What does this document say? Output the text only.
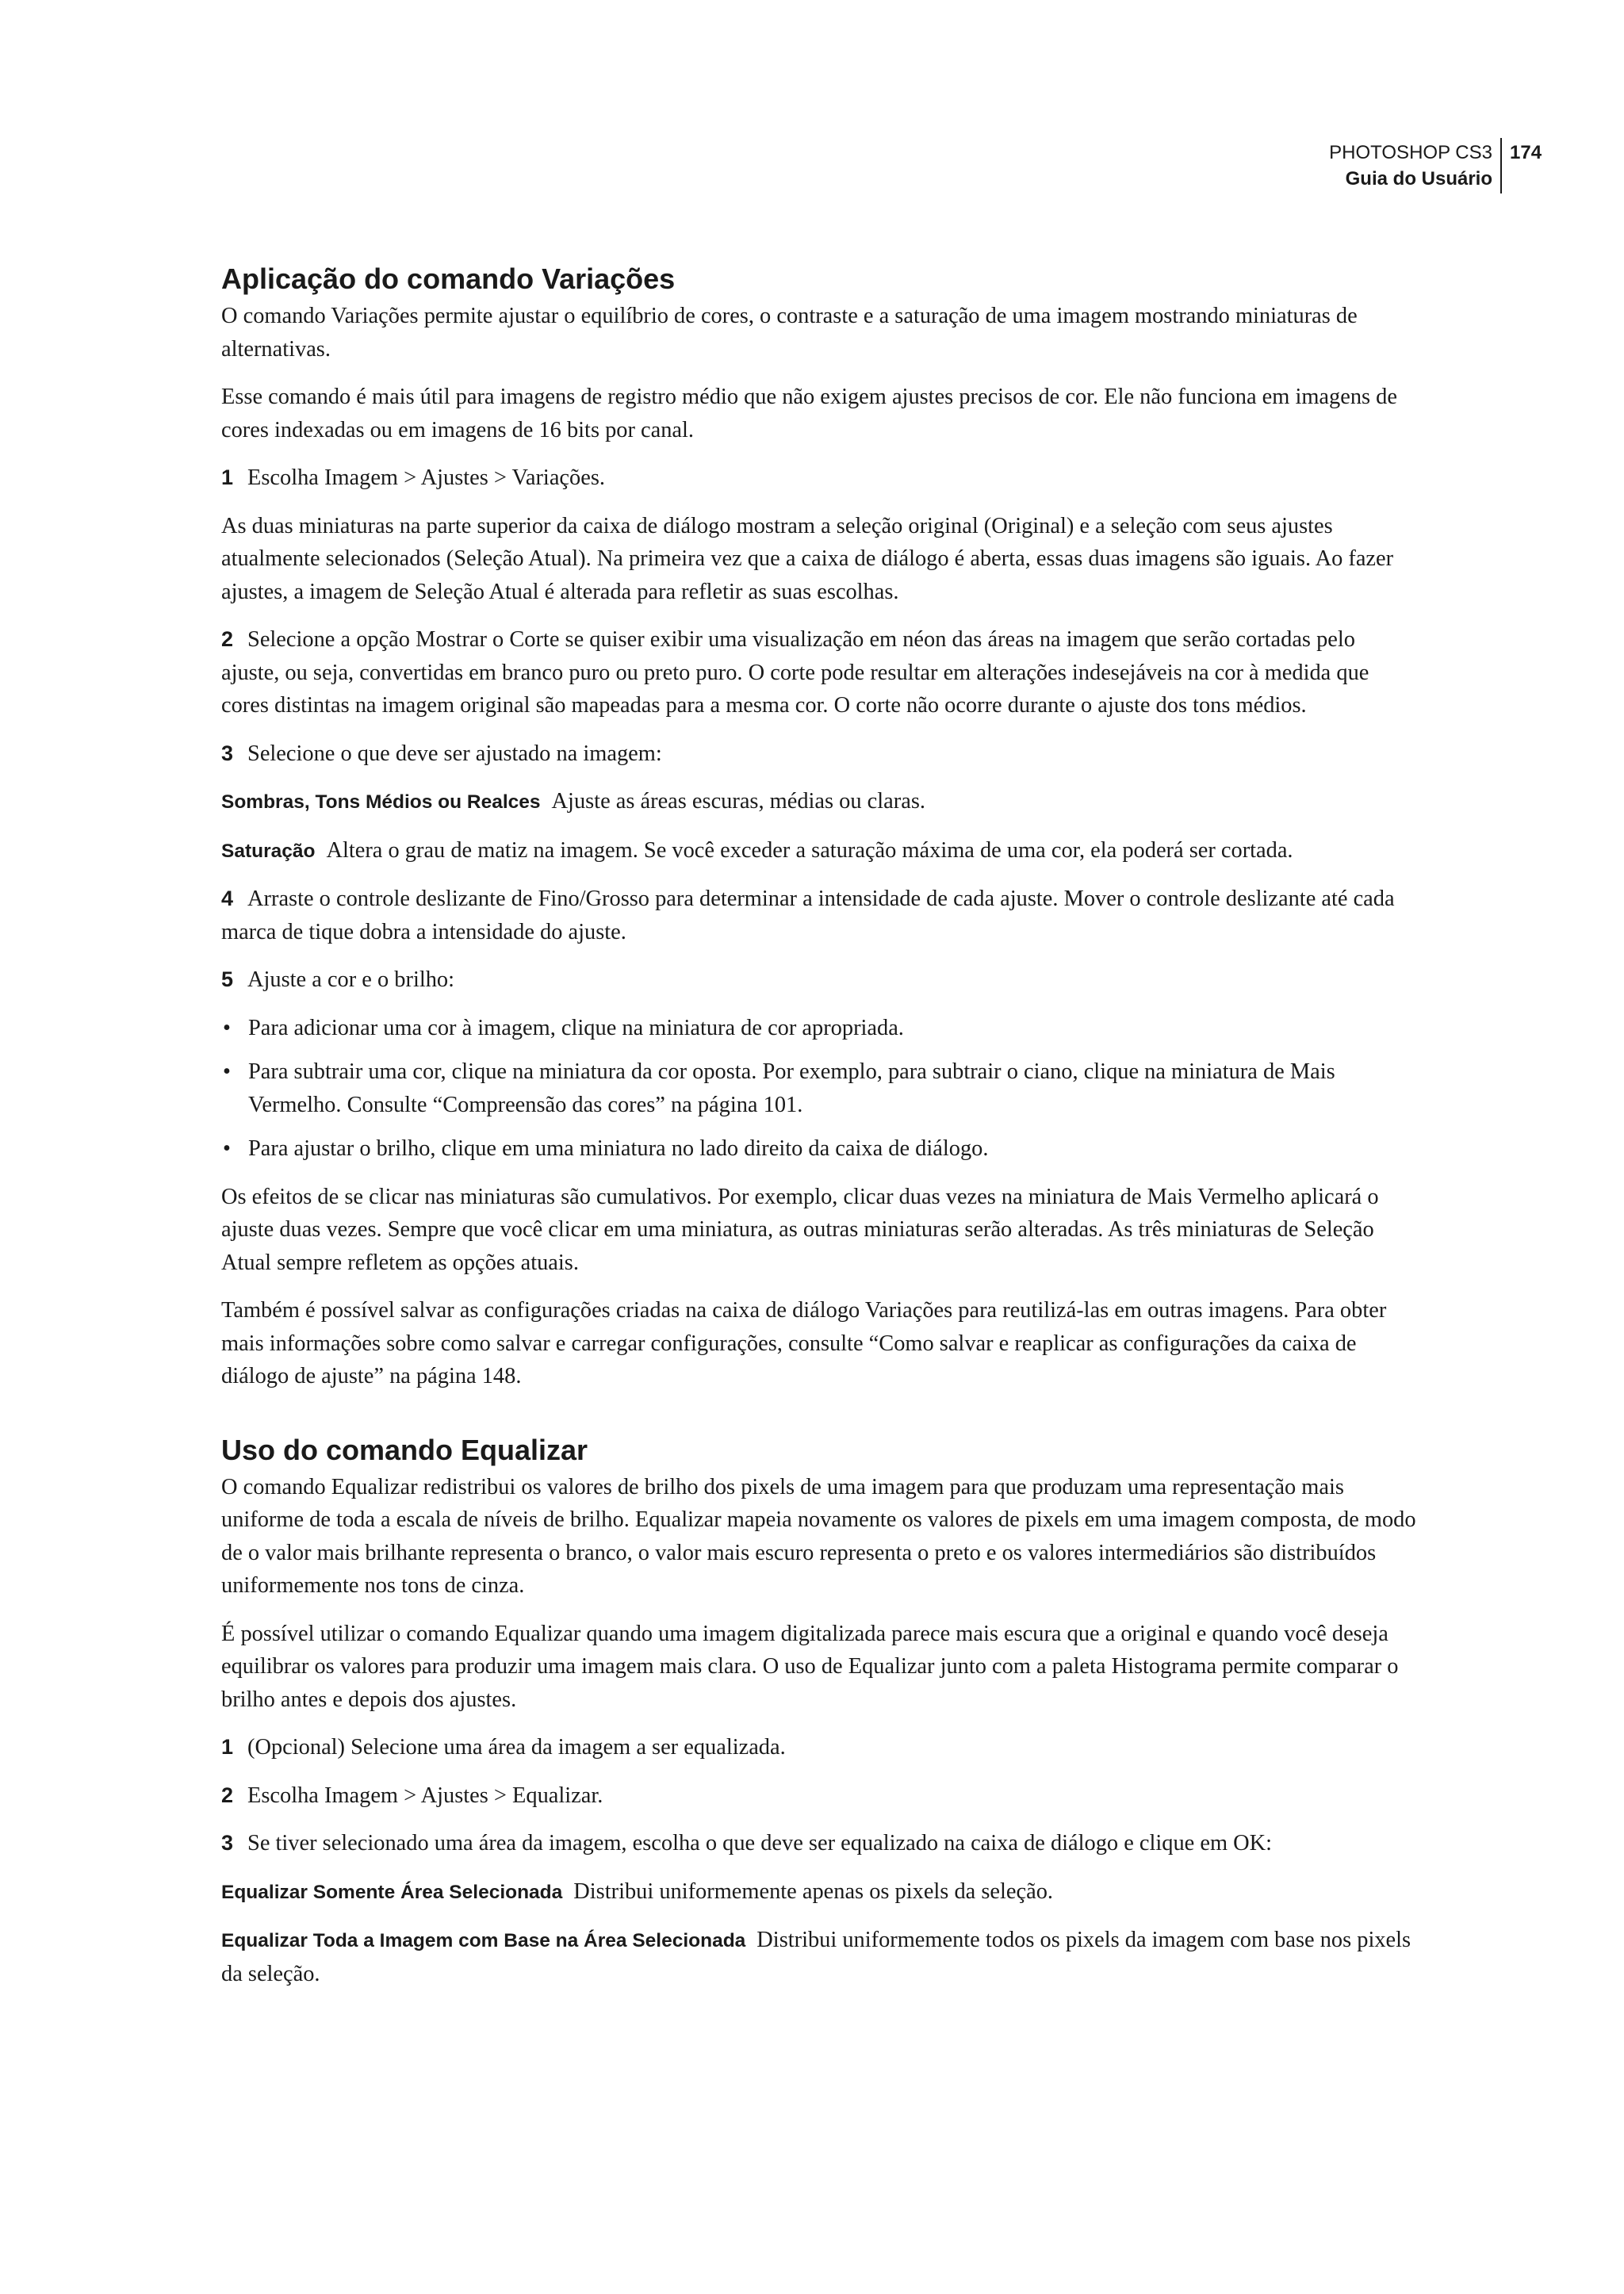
PHOTOSHOP CS3
Guia do Usuário
174
Aplicação do comando Variações

O comando Variações permite ajustar o equilíbrio de cores, o contraste e a saturação de uma imagem mostrando miniaturas de alternativas.

Esse comando é mais útil para imagens de registro médio que não exigem ajustes precisos de cor. Ele não funciona em imagens de cores indexadas ou em imagens de 16 bits por canal.

1 Escolha Imagem > Ajustes > Variações.

As duas miniaturas na parte superior da caixa de diálogo mostram a seleção original (Original) e a seleção com seus ajustes atualmente selecionados (Seleção Atual). Na primeira vez que a caixa de diálogo é aberta, essas duas imagens são iguais. Ao fazer ajustes, a imagem de Seleção Atual é alterada para refletir as suas escolhas.

2 Selecione a opção Mostrar o Corte se quiser exibir uma visualização em néon das áreas na imagem que serão cortadas pelo ajuste, ou seja, convertidas em branco puro ou preto puro. O corte pode resultar em alterações indesejáveis na cor à medida que cores distintas na imagem original são mapeadas para a mesma cor. O corte não ocorre durante o ajuste dos tons médios.

3 Selecione o que deve ser ajustado na imagem:

Sombras, Tons Médios ou Realces Ajuste as áreas escuras, médias ou claras.

Saturação Altera o grau de matiz na imagem. Se você exceder a saturação máxima de uma cor, ela poderá ser cortada.

4 Arraste o controle deslizante de Fino/Grosso para determinar a intensidade de cada ajuste. Mover o controle deslizante até cada marca de tique dobra a intensidade do ajuste.

5 Ajuste a cor e o brilho:

• Para adicionar uma cor à imagem, clique na miniatura de cor apropriada.
• Para subtrair uma cor, clique na miniatura da cor oposta. Por exemplo, para subtrair o ciano, clique na miniatura de Mais Vermelho. Consulte “Compreensão das cores” na página 101.
• Para ajustar o brilho, clique em uma miniatura no lado direito da caixa de diálogo.

Os efeitos de se clicar nas miniaturas são cumulativos. Por exemplo, clicar duas vezes na miniatura de Mais Vermelho aplicará o ajuste duas vezes. Sempre que você clicar em uma miniatura, as outras miniaturas serão alteradas. As três miniaturas de Seleção Atual sempre refletem as opções atuais.

Também é possível salvar as configurações criadas na caixa de diálogo Variações para reutilizá-las em outras imagens. Para obter mais informações sobre como salvar e carregar configurações, consulte “Como salvar e reaplicar as configurações da caixa de diálogo de ajuste” na página 148.

Uso do comando Equalizar

O comando Equalizar redistribui os valores de brilho dos pixels de uma imagem para que produzam uma representação mais uniforme de toda a escala de níveis de brilho. Equalizar mapeia novamente os valores de pixels em uma imagem composta, de modo de o valor mais brilhante representa o branco, o valor mais escuro representa o preto e os valores intermediários são distribuídos uniformemente nos tons de cinza.

É possível utilizar o comando Equalizar quando uma imagem digitalizada parece mais escura que a original e quando você deseja equilibrar os valores para produzir uma imagem mais clara. O uso de Equalizar junto com a paleta Histograma permite comparar o brilho antes e depois dos ajustes.

1 (Opcional) Selecione uma área da imagem a ser equalizada.

2 Escolha Imagem > Ajustes > Equalizar.

3 Se tiver selecionado uma área da imagem, escolha o que deve ser equalizado na caixa de diálogo e clique em OK:

Equalizar Somente Área Selecionada Distribui uniformemente apenas os pixels da seleção.

Equalizar Toda a Imagem com Base na Área Selecionada Distribui uniformemente todos os pixels da imagem com base nos pixels da seleção.
